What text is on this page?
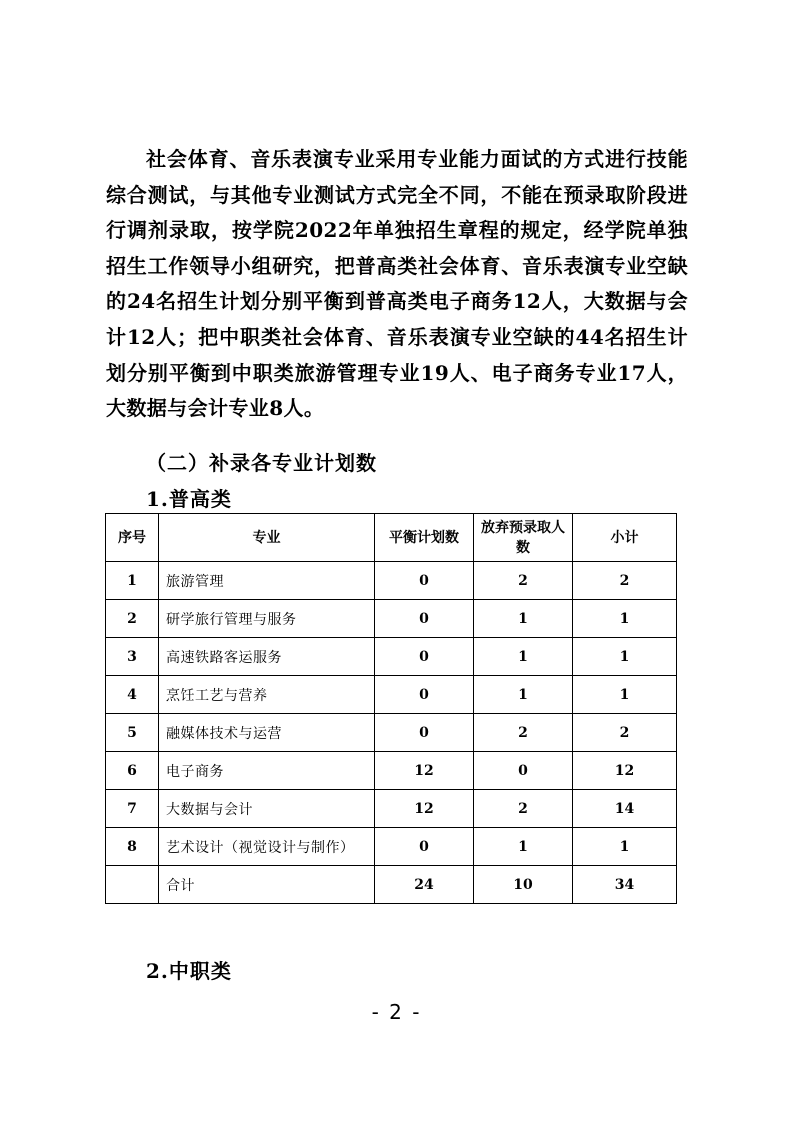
社会体育、音乐表演专业采用专业能力面试的方式进行技能综合测试，与其他专业测试方式完全不同，不能在预录取阶段进行调剂录取，按学院2022年单独招生章程的规定，经学院单独招生工作领导小组研究，把普高类社会体育、音乐表演专业空缺的24名招生计划分别平衡到普高类电子商务12人，大数据与会计12人；把中职类社会体育、音乐表演专业空缺的44名招生计划分别平衡到中职类旅游管理专业19人、电子商务专业17人，大数据与会计专业8人。

（二）补录各专业计划数
1.普高类
序号	专业	平衡计划数	放弃预录取人数	小计
1	旅游管理	0	2	2
2	研学旅行管理与服务	0	1	1
3	高速铁路客运服务	0	1	1
4	烹饪工艺与营养	0	1	1
5	融媒体技术与运营	0	2	2
6	电子商务	12	0	12
7	大数据与会计	12	2	14
8	艺术设计（视觉设计与制作）	0	1	1
	合计	24	10	34
2.中职类
- 2 -
